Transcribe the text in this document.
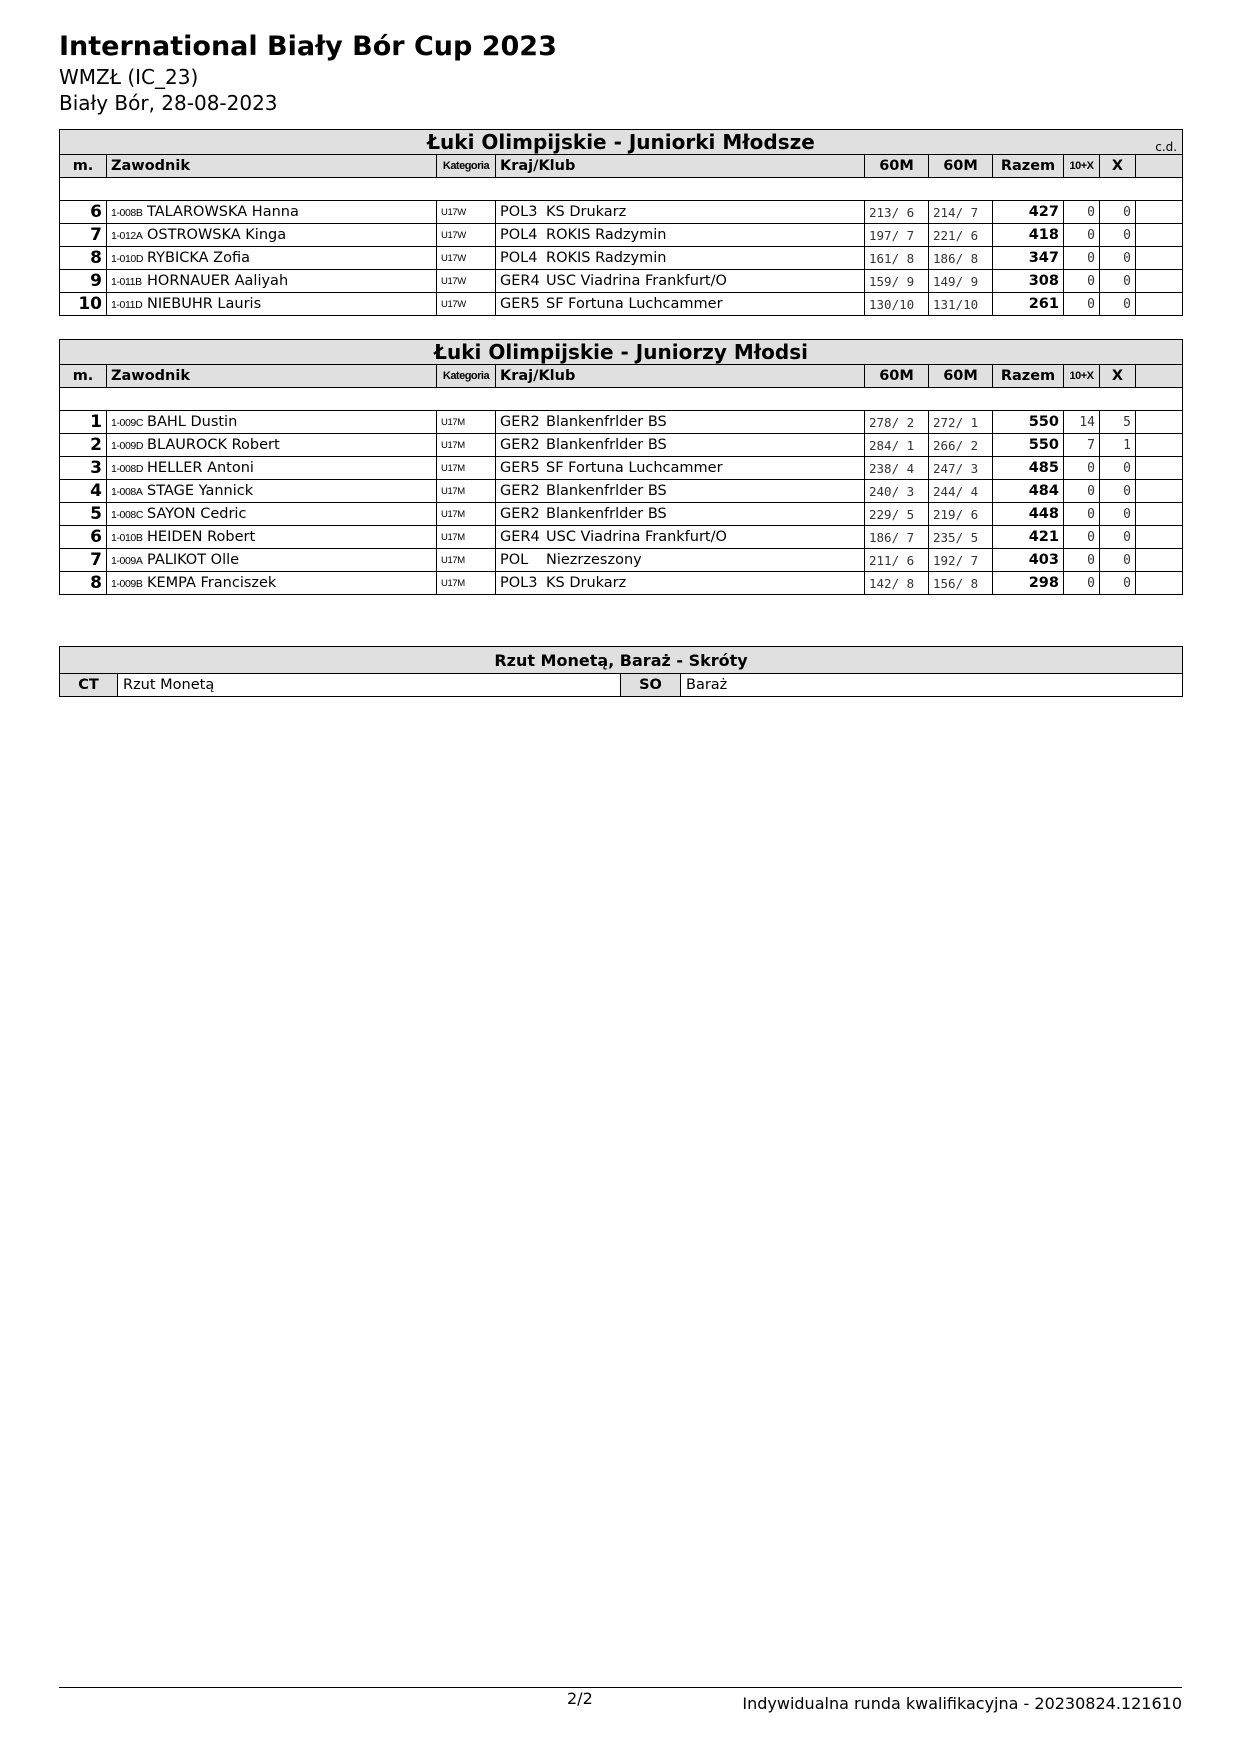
International Biały Bór Cup 2023
WMZŁ (IC_23)
Biały Bór, 28-08-2023
Łuki Olimpijskie - Juniorki Młodsze c.d.									

m.	Zawodnik	Kategoria	Kraj/Klub	60M	60M	Razem	10+X	X	

6	1-008B TALAROWSKA Hanna	U17W	POL3 KS Drukarz	213/ 6	214/ 7	427	0	0	
7	1-012A OSTROWSKA Kinga	U17W	POL4 ROKIS Radzymin	197/ 7	221/ 6	418	0	0	
8	1-010D RYBICKA Zofia	U17W	POL4 ROKIS Radzymin	161/ 8	186/ 8	347	0	0	
9	1-011B HORNAUER Aaliyah	U17W	GER4 USC Viadrina Frankfurt/O	159/ 9	149/ 9	308	0	0	
10	1-011D NIEBUHR Lauris	U17W	GER5 SF Fortuna Luchcammer	130/10	131/10	261	0	0	
Łuki Olimpijskie - Juniorzy Młodsi									
m.	Zawodnik	Kategoria	Kraj/Klub	60M	60M	Razem	10+X	X	

1	1-009C BAHL Dustin	U17M	GER2 Blankenfrlder BS	278/ 2	272/ 1	550	14	5	
2	1-009D BLAUROCK Robert	U17M	GER2 Blankenfrlder BS	284/ 1	266/ 2	550	7	1	
3	1-008D HELLER Antoni	U17M	GER5 SF Fortuna Luchcammer	238/ 4	247/ 3	485	0	0	
4	1-008A STAGE Yannick	U17M	GER2 Blankenfrlder BS	240/ 3	244/ 4	484	0	0	
5	1-008C SAYON Cedric	U17M	GER2 Blankenfrlder BS	229/ 5	219/ 6	448	0	0	
6	1-010B HEIDEN Robert	U17M	GER4 USC Viadrina Frankfurt/O	186/ 7	235/ 5	421	0	0	
7	1-009A PALIKOT Olle	U17M	POL Niezrzeszony	211/ 6	192/ 7	403	0	0	
8	1-009B KEMPA Franciszek	U17M	POL3 KS Drukarz	142/ 8	156/ 8	298	0	0	
Rzut Monetą, Baraż - Skróty
CT	Rzut Monetą	SO	Baraż
2/2	Indywidualna runda kwalifikacyjna - 20230824.121610
